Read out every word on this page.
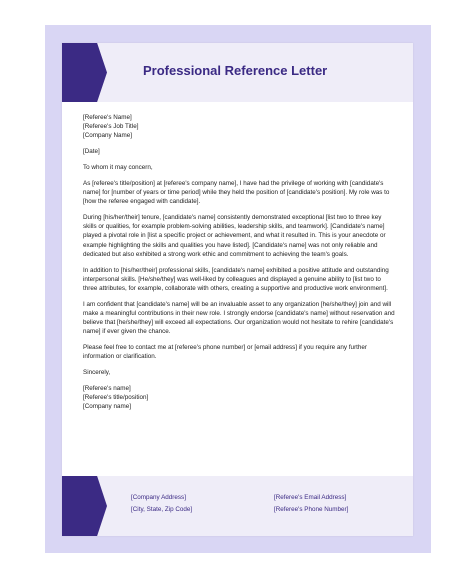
Professional Reference Letter

[Referee's Name]
[Referee's Job Title]
[Company Name]

[Date]

To whom it may concern,

As [referee's title/position] at [referee's company name], I have had the privilege of working with [candidate's name] for [number of years or time period] while they held the position of [candidate's position]. My role was to [how the referee engaged with candidate].

During [his/her/their] tenure, [candidate's name] consistently demonstrated exceptional [list two to three key skills or qualities, for example problem-solving abilities, leadership skills, and teamwork]. [Candidate's name] played a pivotal role in [list a specific project or achievement, and what it resulted in. This is your anecdote or example highlighting the skills and qualities you have listed]. [Candidate's name] was not only reliable and dedicated but also exhibited a strong work ethic and commitment to achieving the team's goals.

In addition to [his/her/their] professional skills, [candidate's name] exhibited a positive attitude and outstanding interpersonal skills. [He/she/they] was well-liked by colleagues and displayed a genuine ability to [list two to three attributes, for example, collaborate with others, creating a supportive and productive work environment].

I am confident that [candidate's name] will be an invaluable asset to any organization [he/she/they] join and will make a meaningful contributions in their new role. I strongly endorse [candidate's name] without reservation and believe that [he/she/they] will exceed all expectations. Our organization would not hesitate to rehire [candidate's name] if ever given the chance.

Please feel free to contact me at [referee's phone number] or [email address] if you require any further information or clarification.

Sincerely,

[Referee's name]
[Referee's title/position]
[Company name]

[Company Address]
[City, State, Zip Code]
[Referee's Email Address]
[Referee's Phone Number]
